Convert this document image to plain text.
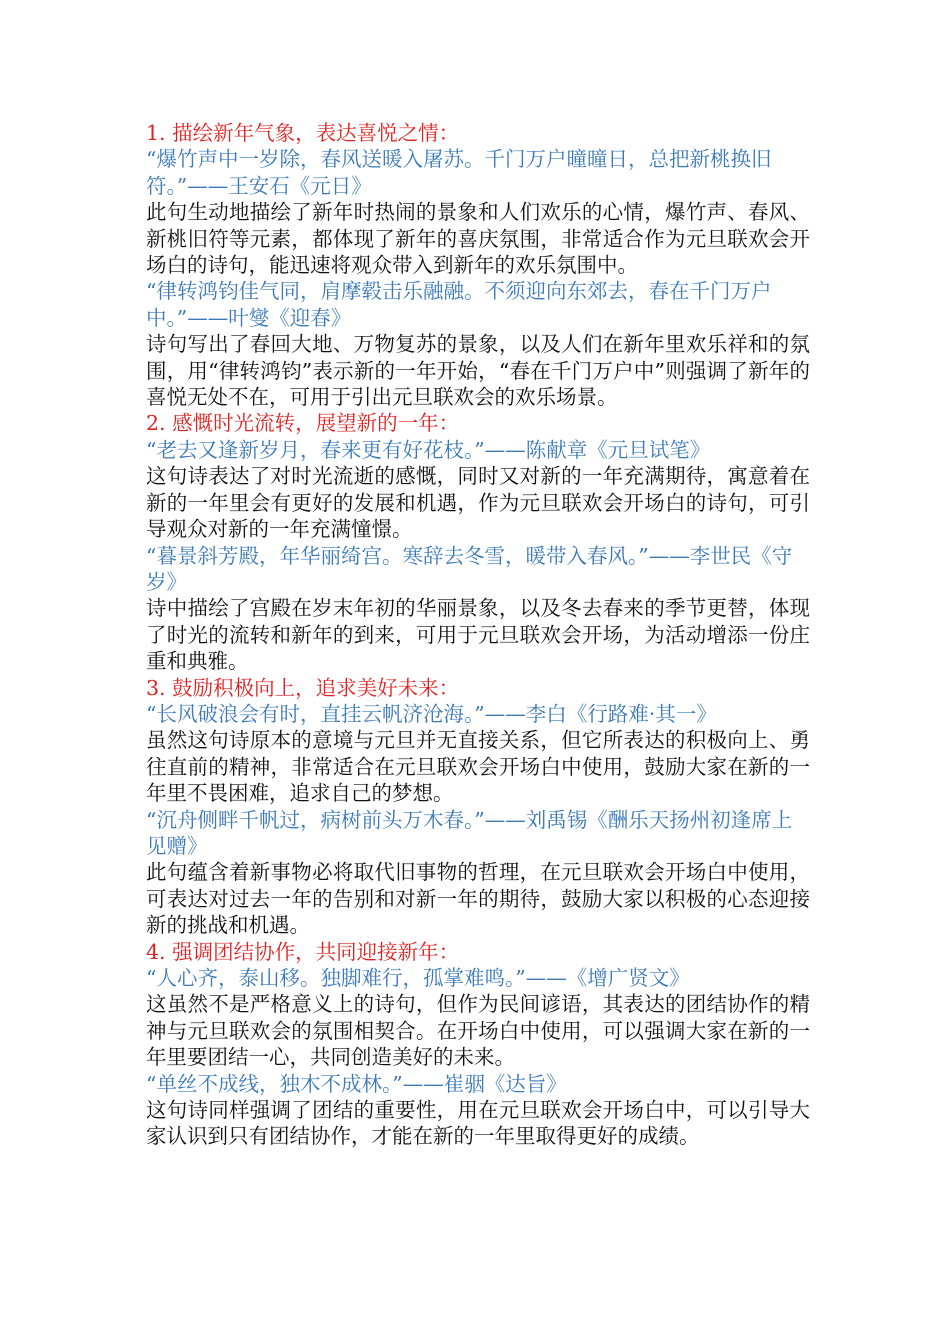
1. 描绘新年气象，表达喜悦之情：

“爆竹声中一岁除，春风送暖入屠苏。千门万户曈曈日，总把新桃换旧符。”——王安石《元日》

此句生动地描绘了新年时热闹的景象和人们欢乐的心情，爆竹声、春风、新桃旧符等元素，都体现了新年的喜庆氛围，非常适合作为元旦联欢会开场白的诗句，能迅速将观众带入到新年的欢乐氛围中。

“律转鸿钧佳气同，肩摩毂击乐融融。不须迎向东郊去，春在千门万户中。”——叶燮《迎春》

诗句写出了春回大地、万物复苏的景象，以及人们在新年里欢乐祥和的氛围，用“律转鸿钧”表示新的一年开始，“春在千门万户中”则强调了新年的喜悦无处不在，可用于引出元旦联欢会的欢乐场景。

2. 感慨时光流转，展望新的一年：

“老去又逢新岁月，春来更有好花枝。”——陈献章《元旦试笔》

这句诗表达了对时光流逝的感慨，同时又对新的一年充满期待，寓意着在新的一年里会有更好的发展和机遇，作为元旦联欢会开场白的诗句，可引导观众对新的一年充满憧憬。

“暮景斜芳殿，年华丽绮宫。寒辞去冬雪，暖带入春风。”——李世民《守岁》

诗中描绘了宫殿在岁末年初的华丽景象，以及冬去春来的季节更替，体现了时光的流转和新年的到来，可用于元旦联欢会开场，为活动增添一份庄重和典雅。

3. 鼓励积极向上，追求美好未来：

“长风破浪会有时，直挂云帆济沧海。”——李白《行路难·其一》

虽然这句诗原本的意境与元旦并无直接关系，但它所表达的积极向上、勇往直前的精神，非常适合在元旦联欢会开场白中使用，鼓励大家在新的一年里不畏困难，追求自己的梦想。

“沉舟侧畔千帆过，病树前头万木春。”——刘禹锡《酬乐天扬州初逢席上见赠》

此句蕴含着新事物必将取代旧事物的哲理，在元旦联欢会开场白中使用，可表达对过去一年的告别和对新一年的期待，鼓励大家以积极的心态迎接新的挑战和机遇。

4. 强调团结协作，共同迎接新年：

“人心齐，泰山移。独脚难行，孤掌难鸣。”——《增广贤文》

这虽然不是严格意义上的诗句，但作为民间谚语，其表达的团结协作的精神与元旦联欢会的氛围相契合。在开场白中使用，可以强调大家在新的一年里要团结一心，共同创造美好的未来。

“单丝不成线，独木不成林。”——崔骃《达旨》

这句诗同样强调了团结的重要性，用在元旦联欢会开场白中，可以引导大家认识到只有团结协作，才能在新的一年里取得更好的成绩。
